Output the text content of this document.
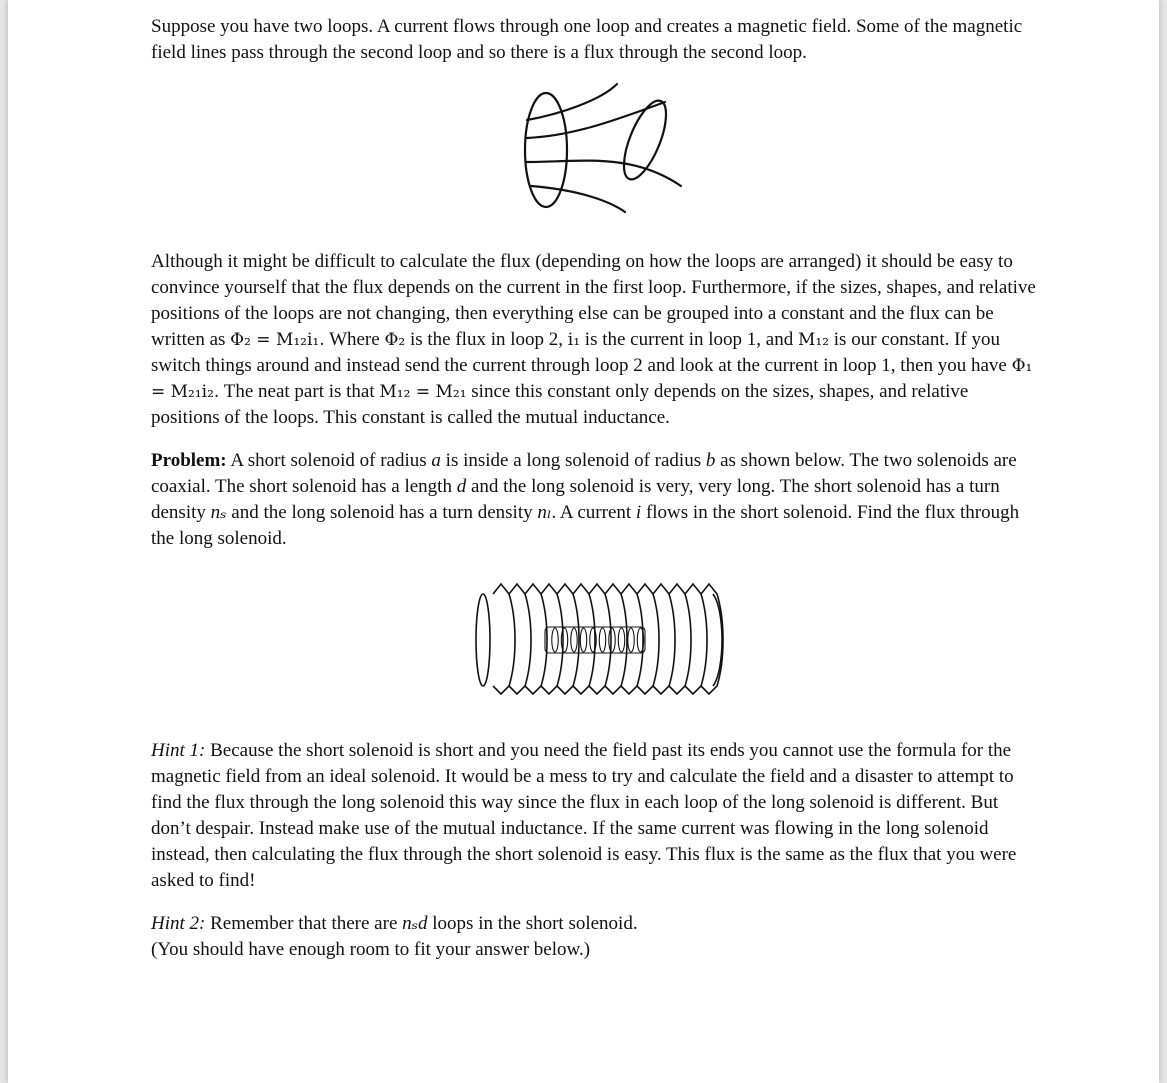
Suppose you have two loops. A current flows through one loop and creates a magnetic field. Some of the magnetic field lines pass through the second loop and so there is a flux through the second loop.

Although it might be difficult to calculate the flux (depending on how the loops are arranged) it should be easy to convince yourself that the flux depends on the current in the first loop. Furthermore, if the sizes, shapes, and relative positions of the loops are not changing, then everything else can be grouped into a constant and the flux can be written as Φ₂ = M₁₂i₁. Where Φ₂ is the flux in loop 2, i₁ is the current in loop 1, and M₁₂ is our constant. If you switch things around and instead send the current through loop 2 and look at the current in loop 1, then you have Φ₁ = M₂₁i₂. The neat part is that M₁₂ = M₂₁ since this constant only depends on the sizes, shapes, and relative positions of the loops. This constant is called the mutual inductance.

Problem: A short solenoid of radius a is inside a long solenoid of radius b as shown below. The two solenoids are coaxial. The short solenoid has a length d and the long solenoid is very, very long. The short solenoid has a turn density nₛ and the long solenoid has a turn density nₗ. A current i flows in the short solenoid. Find the flux through the long solenoid.

Hint 1: Because the short solenoid is short and you need the field past its ends you cannot use the formula for the magnetic field from an ideal solenoid. It would be a mess to try and calculate the field and a disaster to attempt to find the flux through the long solenoid this way since the flux in each loop of the long solenoid is different. But don’t despair. Instead make use of the mutual inductance. If the same current was flowing in the long solenoid instead, then calculating the flux through the short solenoid is easy. This flux is the same as the flux that you were asked to find!

Hint 2: Remember that there are nₛd loops in the short solenoid.
(You should have enough room to fit your answer below.)
